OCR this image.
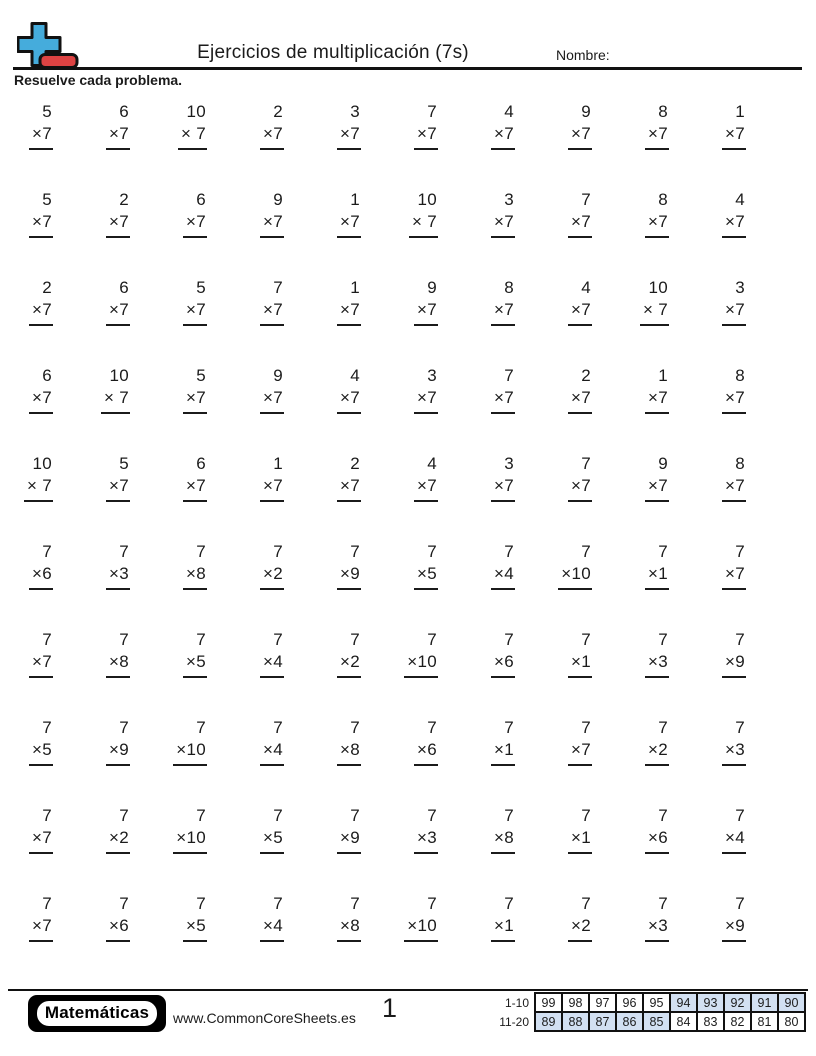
Ejercicios de multiplicación (7s)	Nombre:
Resuelve cada problema.
5
×7
6
×7
10
× 7
2
×7
3
×7
7
×7
4
×7
9
×7
8
×7
1
×7
5
×7
2
×7
6
×7
9
×7
1
×7
10
× 7
3
×7
7
×7
8
×7
4
×7
2
×7
6
×7
5
×7
7
×7
1
×7
9
×7
8
×7
4
×7
10
× 7
3
×7
6
×7
10
× 7
5
×7
9
×7
4
×7
3
×7
7
×7
2
×7
1
×7
8
×7
10
× 7
5
×7
6
×7
1
×7
2
×7
4
×7
3
×7
7
×7
9
×7
8
×7
7
×6
7
×3
7
×8
7
×2
7
×9
7
×5
7
×4
7
×10
7
×1
7
×7
7
×7
7
×8
7
×5
7
×4
7
×2
7
×10
7
×6
7
×1
7
×3
7
×9
7
×5
7
×9
7
×10
7
×4
7
×8
7
×6
7
×1
7
×7
7
×2
7
×3
7
×7
7
×2
7
×10
7
×5
7
×9
7
×3
7
×8
7
×1
7
×6
7
×4
7
×7
7
×6
7
×5
7
×4
7
×8
7
×10
7
×1
7
×2
7
×3
7
×9
Matemáticas	www.CommonCoreSheets.es 1	1-10	99	98	97	96	95	94	93	92	91	90
11-20	89	88	87	86	85	84	83	82	81	80
